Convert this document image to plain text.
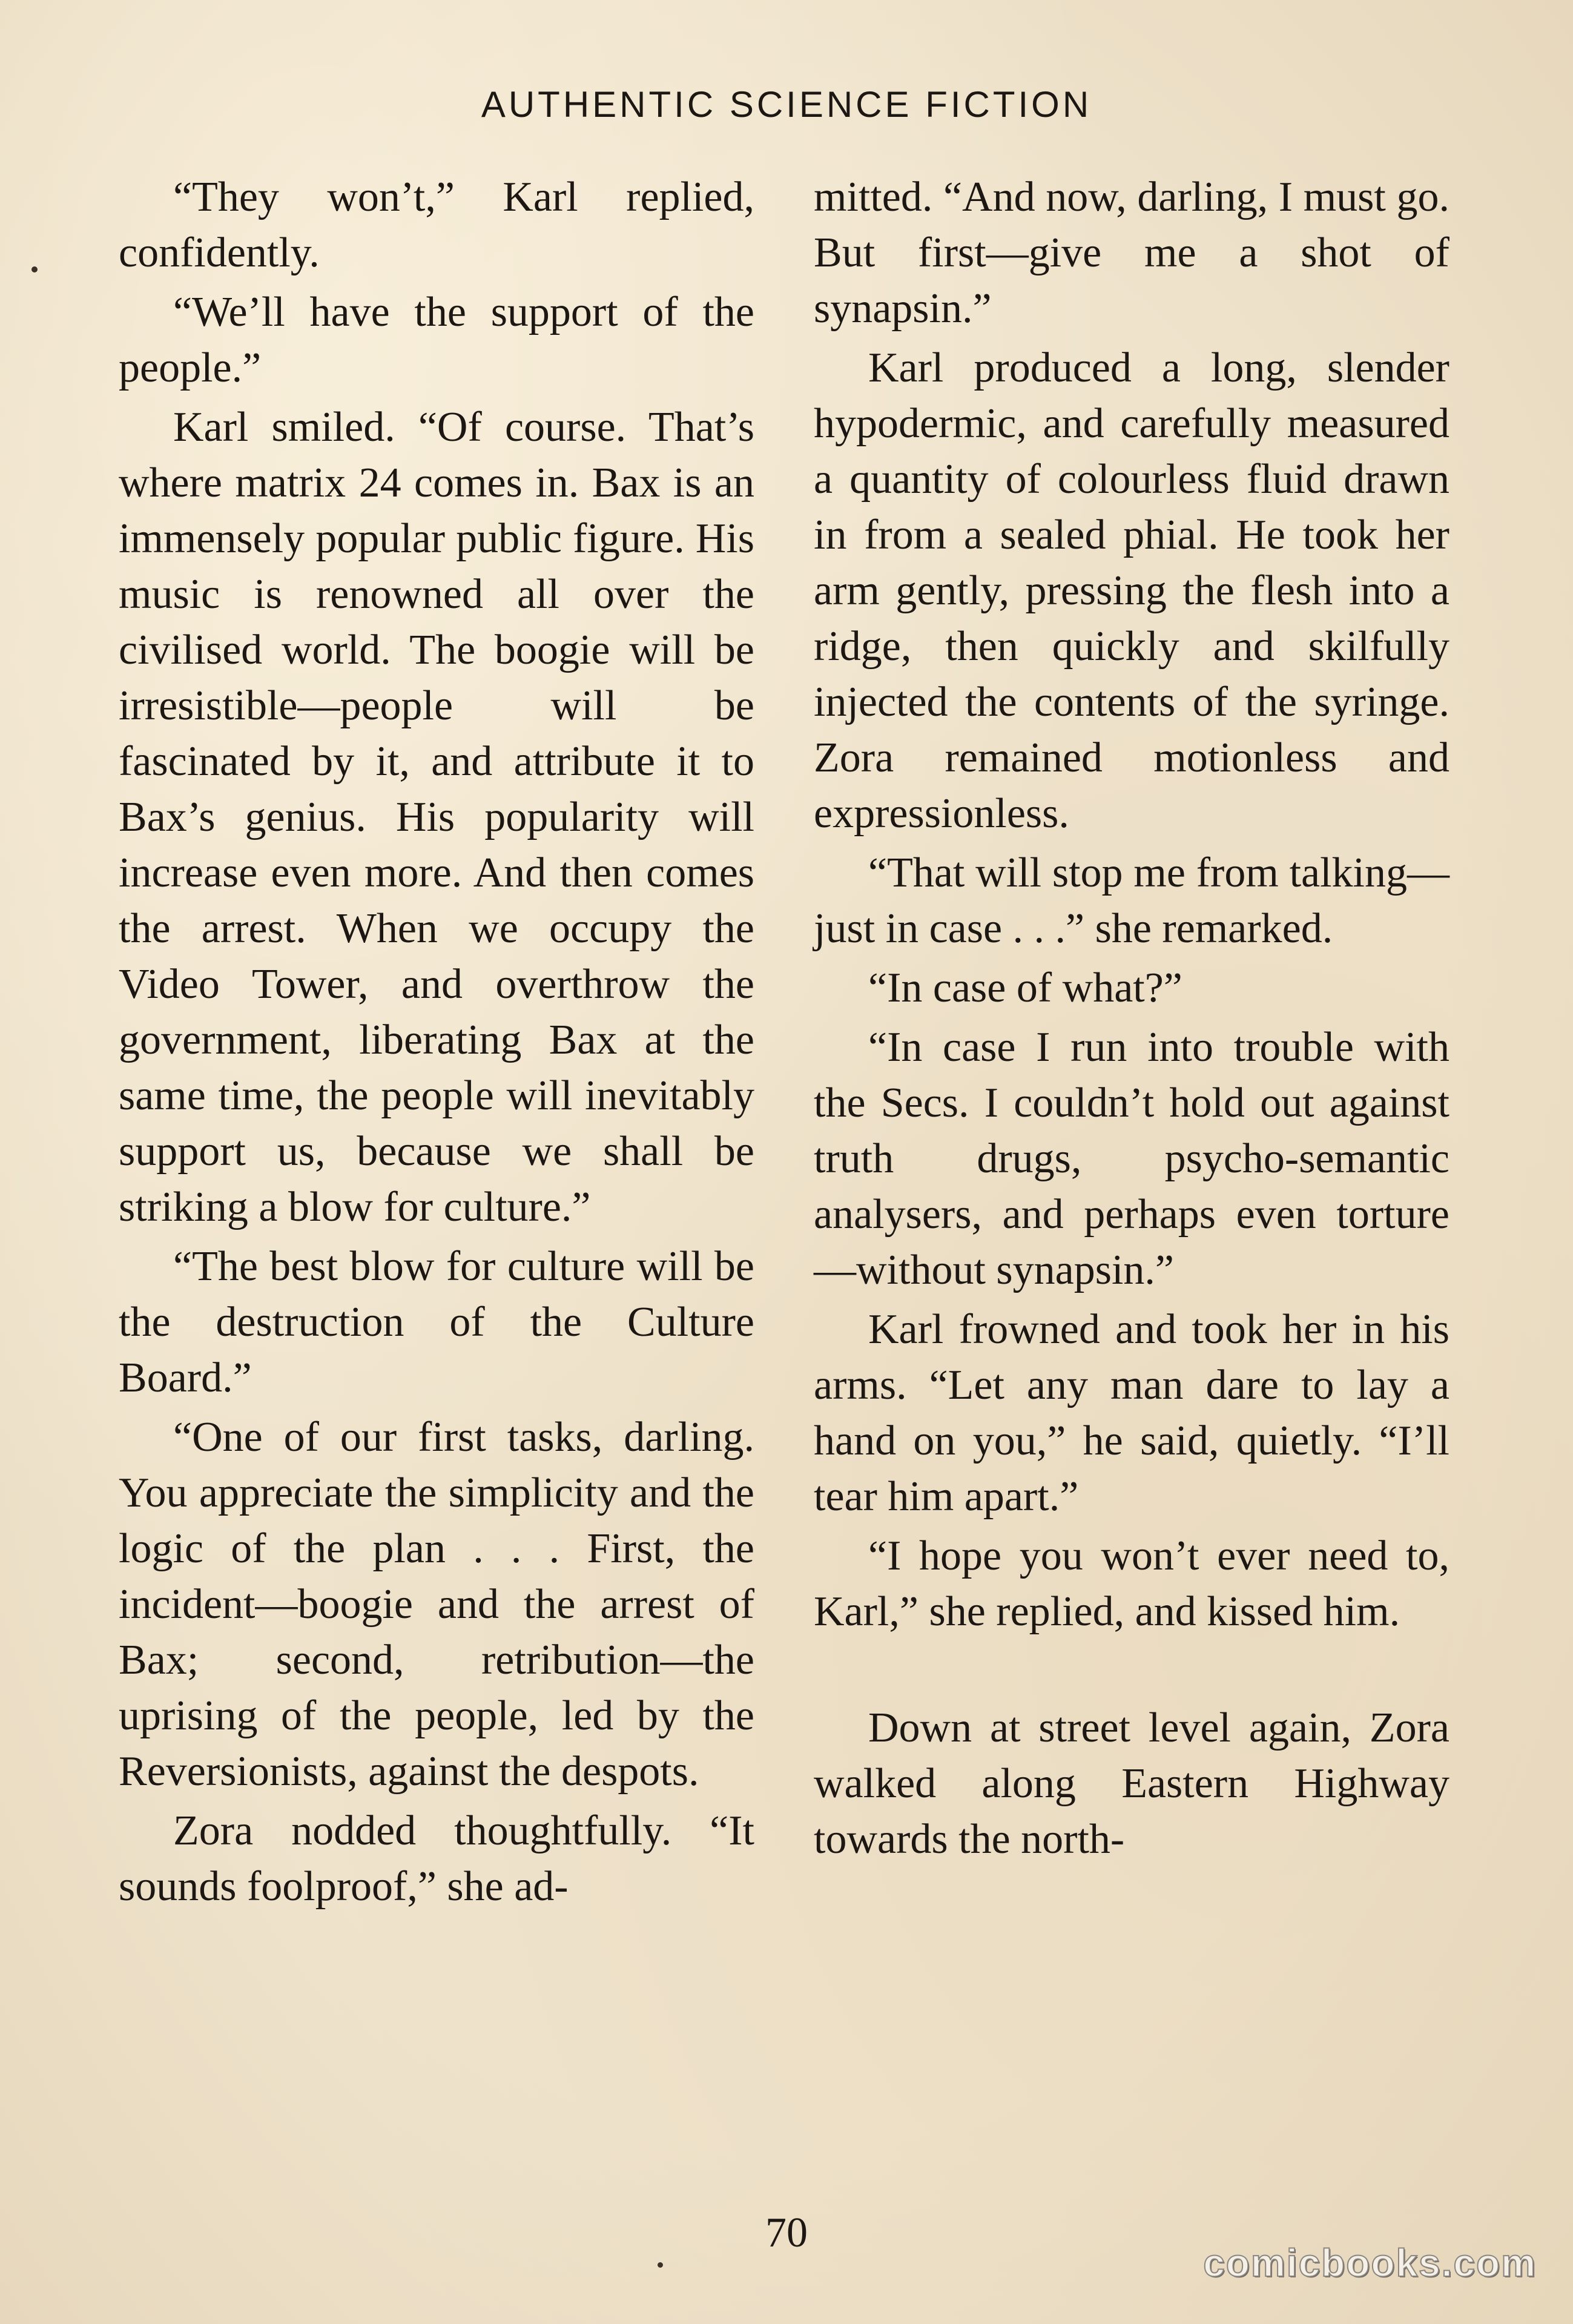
AUTHENTIC SCIENCE FICTION

“They won’t,” Karl replied, confidently.

“We’ll have the support of the people.”

Karl smiled. “Of course. That’s where matrix 24 comes in. Bax is an immensely popular public figure. His music is renowned all over the civilised world. The boogie will be irresistible—people will be fascinated by it, and attribute it to Bax’s genius. His popularity will increase even more. And then comes the arrest. When we occupy the Video Tower, and overthrow the government, liberating Bax at the same time, the people will inevitably support us, because we shall be striking a blow for culture.”

“The best blow for culture will be the destruction of the Culture Board.”

“One of our first tasks, darling. You appreciate the simplicity and the logic of the plan . . . First, the incident—boogie and the arrest of Bax; second, retribution—the uprising of the people, led by the Reversionists, against the despots.

Zora nodded thoughtfully. “It sounds foolproof,” she ad-

mitted. “And now, darling, I must go. But first—give me a shot of synapsin.”

Karl produced a long, slender hypodermic, and carefully measured a quantity of colourless fluid drawn in from a sealed phial. He took her arm gently, pressing the flesh into a ridge, then quickly and skilfully injected the contents of the syringe. Zora remained motionless and expressionless.

“That will stop me from talking—just in case . . .” she remarked.

“In case of what?”

“In case I run into trouble with the Secs. I couldn’t hold out against truth drugs, psycho-semantic analysers, and perhaps even torture—without synapsin.”

Karl frowned and took her in his arms. “Let any man dare to lay a hand on you,” he said, quietly. “I’ll tear him apart.”

“I hope you won’t ever need to, Karl,” she replied, and kissed him.

Down at street level again, Zora walked along Eastern Highway towards the north-

70
comicbooks.com
